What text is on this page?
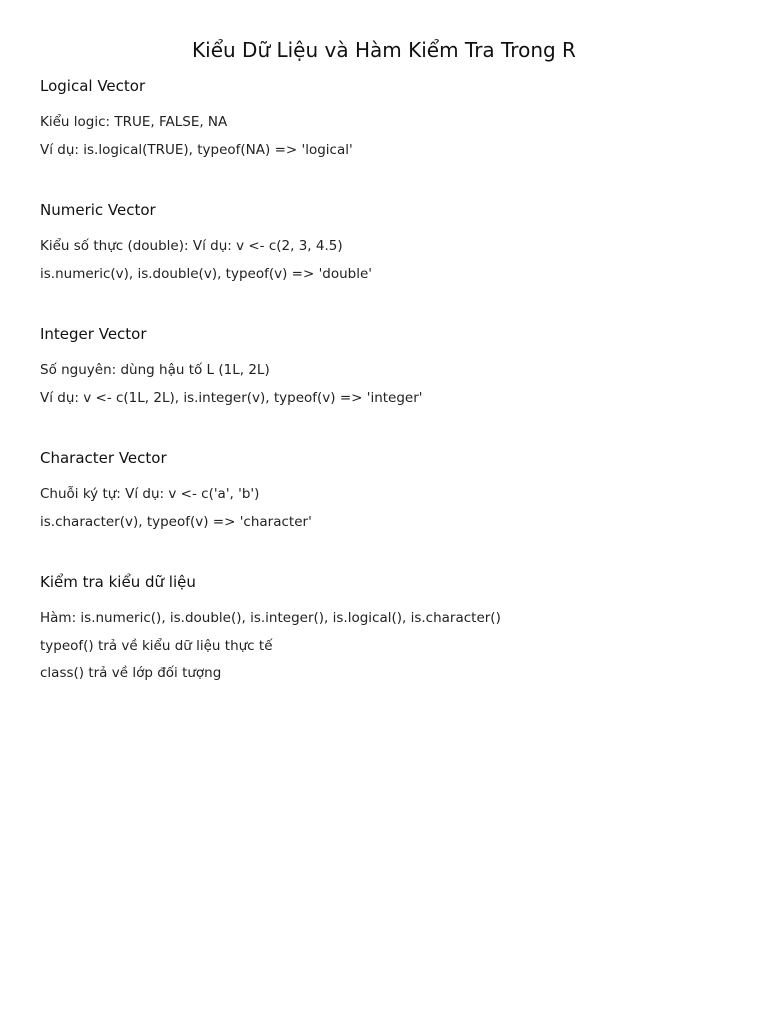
Kiểu Dữ Liệu và Hàm Kiểm Tra Trong R
Logical Vector
Kiểu logic: TRUE, FALSE, NA
Ví dụ: is.logical(TRUE), typeof(NA) => 'logical'
Numeric Vector
Kiểu số thực (double): Ví dụ: v <- c(2, 3, 4.5)
is.numeric(v), is.double(v), typeof(v) => 'double'
Integer Vector
Số nguyên: dùng hậu tố L (1L, 2L)
Ví dụ: v <- c(1L, 2L), is.integer(v), typeof(v) => 'integer'
Character Vector
Chuỗi ký tự: Ví dụ: v <- c('a', 'b')
is.character(v), typeof(v) => 'character'
Kiểm tra kiểu dữ liệu
Hàm: is.numeric(), is.double(), is.integer(), is.logical(), is.character()
typeof() trả về kiểu dữ liệu thực tế
class() trả về lớp đối tượng
